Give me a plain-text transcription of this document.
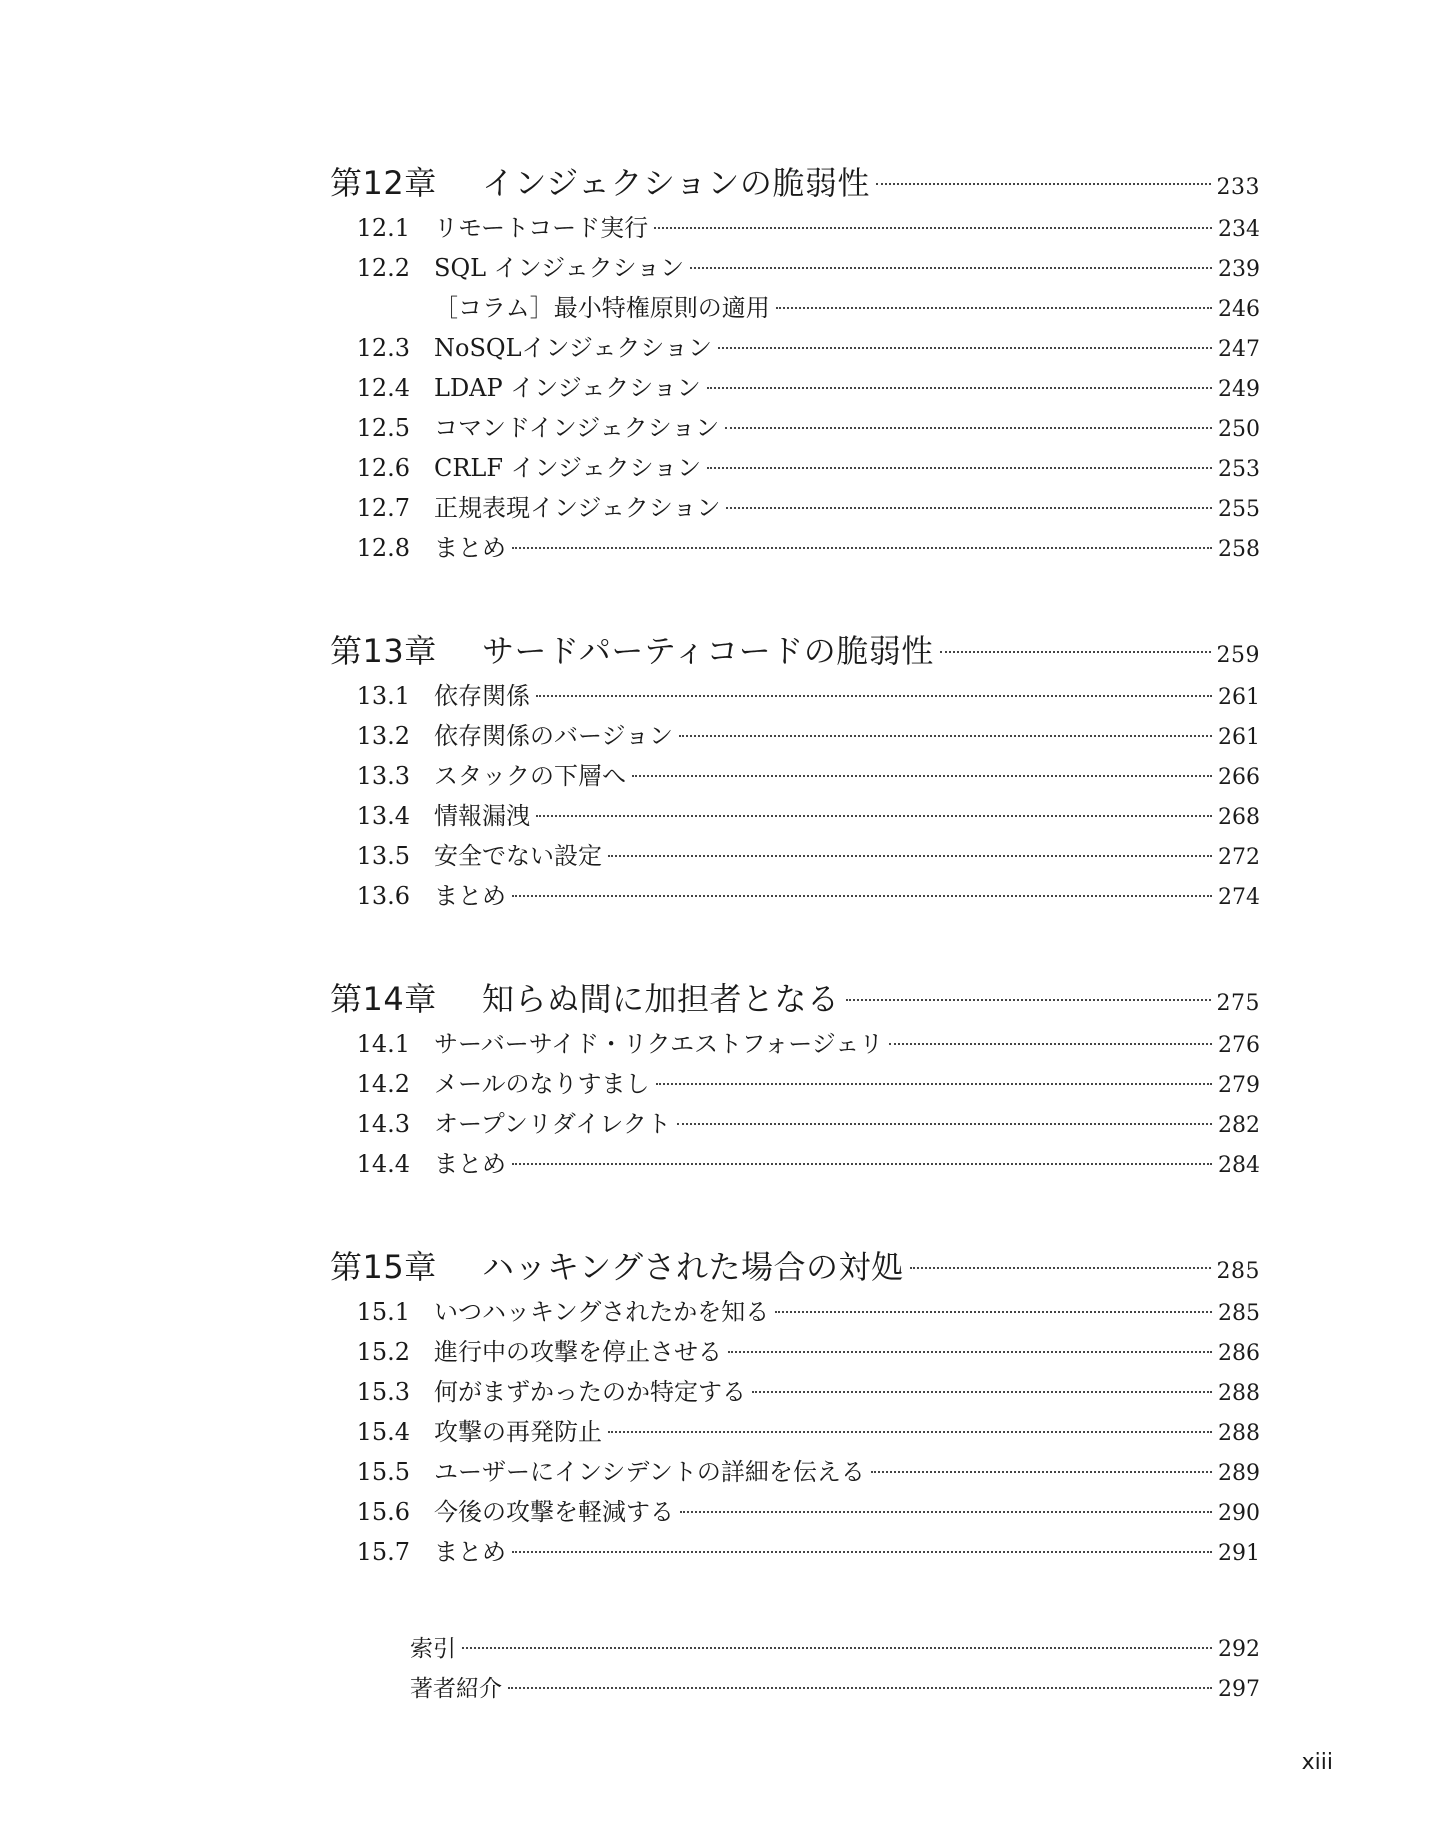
第12章	インジェクションの脆弱性	233
12.1	リモートコード実行	234
12.2	SQL インジェクション	239
［コラム］最小特権原則の適用	246
12.3	NoSQLインジェクション	247
12.4	LDAP インジェクション	249
12.5	コマンドインジェクション	250
12.6	CRLF インジェクション	253
12.7	正規表現インジェクション	255
12.8	まとめ	258
第13章	サードパーティコードの脆弱性	259
13.1	依存関係	261
13.2	依存関係のバージョン	261
13.3	スタックの下層へ	266
13.4	情報漏洩	268
13.5	安全でない設定	272
13.6	まとめ	274
第14章	知らぬ間に加担者となる	275
14.1	サーバーサイド・リクエストフォージェリ	276
14.2	メールのなりすまし	279
14.3	オープンリダイレクト	282
14.4	まとめ	284
第15章	ハッキングされた場合の対処	285
15.1	いつハッキングされたかを知る	285
15.2	進行中の攻撃を停止させる	286
15.3	何がまずかったのか特定する	288
15.4	攻撃の再発防止	288
15.5	ユーザーにインシデントの詳細を伝える	289
15.6	今後の攻撃を軽減する	290
15.7	まとめ	291
索引	292
著者紹介	297
xiii
